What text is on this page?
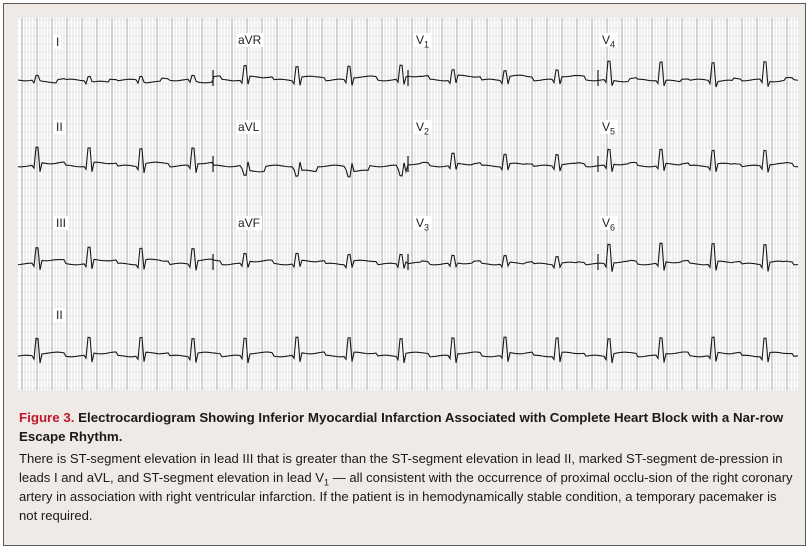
I	aVR	$V_1$	$V_4$
II	aVL	$V_2$	$V_5$
III	aVF	$V_3$	$V_6$
II

Figure 3. Electrocardiogram Showing Inferior Myocardial Infarction Associated with Complete Heart Block with a Nar-row Escape Rhythm.

There is ST-segment elevation in lead III that is greater than the ST-segment elevation in lead II, marked ST-segment de-pression in leads I and aVL, and ST-segment elevation in lead $V_1$ — all consistent with the occurrence of proximal occlu-sion of the right coronary artery in association with right ventricular infarction. If the patient is in hemodynamically stable condition, a temporary pacemaker is not required.
